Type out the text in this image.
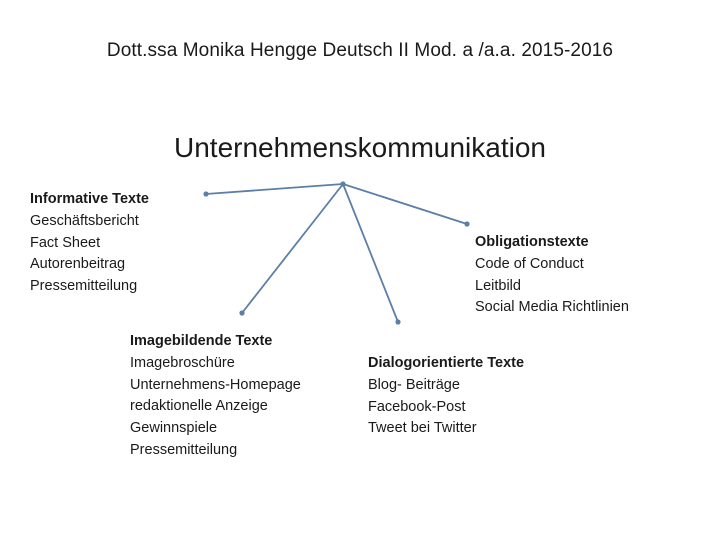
Dott.ssa Monika Hengge Deutsch II Mod. a /a.a. 2015-2016
Unternehmenskommunikation
Informative Texte
Geschäftsbericht
Fact Sheet
Autorenbeitrag
Pressemitteilung
Obligationstexte
Code of Conduct
Leitbild
Social Media Richtlinien
Imagebildende Texte
Imagebroschüre
Unternehmens-Homepage
redaktionelle Anzeige
Gewinnspiele
Pressemitteilung
Dialogorientierte Texte
Blog- Beiträge
Facebook-Post
Tweet bei Twitter
